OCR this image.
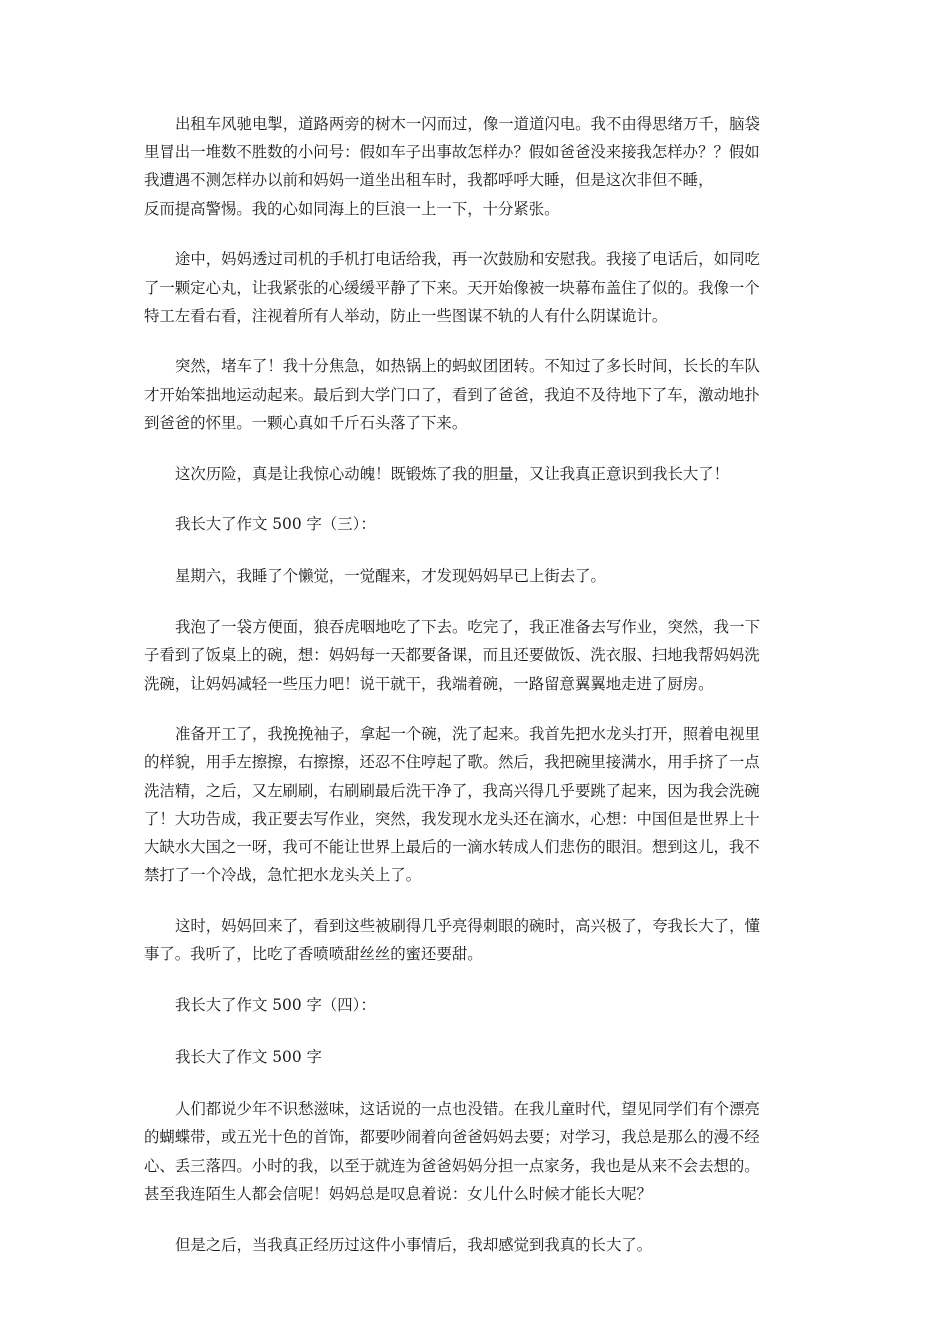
出租车风驰电掣，道路两旁的树木一闪而过，像一道道闪电。我不由得思绪万千，脑袋
里冒出一堆数不胜数的小问号：假如车子出事故怎样办？假如爸爸没来接我怎样办？？假如
我遭遇不测怎样办以前和妈妈一道坐出租车时，我都呼呼大睡，但是这次非但不睡，
反而提高警惕。我的心如同海上的巨浪一上一下，十分紧张。

途中，妈妈透过司机的手机打电话给我，再一次鼓励和安慰我。我接了电话后，如同吃
了一颗定心丸，让我紧张的心缓缓平静了下来。天开始像被一块幕布盖住了似的。我像一个
特工左看右看，注视着所有人举动，防止一些图谋不轨的人有什么阴谋诡计。

突然，堵车了！我十分焦急，如热锅上的蚂蚁团团转。不知过了多长时间，长长的车队
才开始笨拙地运动起来。最后到大学门口了，看到了爸爸，我迫不及待地下了车，激动地扑
到爸爸的怀里。一颗心真如千斤石头落了下来。

这次历险，真是让我惊心动魄！既锻炼了我的胆量，又让我真正意识到我长大了！

我长大了作文 500 字（三）：

星期六，我睡了个懒觉，一觉醒来，才发现妈妈早已上街去了。

我泡了一袋方便面，狼吞虎咽地吃了下去。吃完了，我正准备去写作业，突然，我一下
子看到了饭桌上的碗，想：妈妈每一天都要备课，而且还要做饭、洗衣服、扫地我帮妈妈洗
洗碗，让妈妈减轻一些压力吧！说干就干，我端着碗，一路留意翼翼地走进了厨房。

准备开工了，我挽挽袖子，拿起一个碗，洗了起来。我首先把水龙头打开，照着电视里
的样貌，用手左擦擦，右擦擦，还忍不住哼起了歌。然后，我把碗里接满水，用手挤了一点
洗洁精，之后，又左刷刷，右刷刷最后洗干净了，我高兴得几乎要跳了起来，因为我会洗碗
了！大功告成，我正要去写作业，突然，我发现水龙头还在滴水，心想：中国但是世界上十
大缺水大国之一呀，我可不能让世界上最后的一滴水转成人们悲伤的眼泪。想到这儿，我不
禁打了一个冷战，急忙把水龙头关上了。

这时，妈妈回来了，看到这些被刷得几乎亮得刺眼的碗时，高兴极了，夸我长大了，懂
事了。我听了，比吃了香喷喷甜丝丝的蜜还要甜。

我长大了作文 500 字（四）：

我长大了作文 500 字

人们都说少年不识愁滋味，这话说的一点也没错。在我儿童时代，望见同学们有个漂亮
的蝴蝶带，或五光十色的首饰，都要吵闹着向爸爸妈妈去要；对学习，我总是那么的漫不经
心、丢三落四。小时的我，以至于就连为爸爸妈妈分担一点家务，我也是从来不会去想的。
甚至我连陌生人都会信呢！妈妈总是叹息着说：女儿什么时候才能长大呢？

但是之后，当我真正经历过这件小事情后，我却感觉到我真的长大了。
